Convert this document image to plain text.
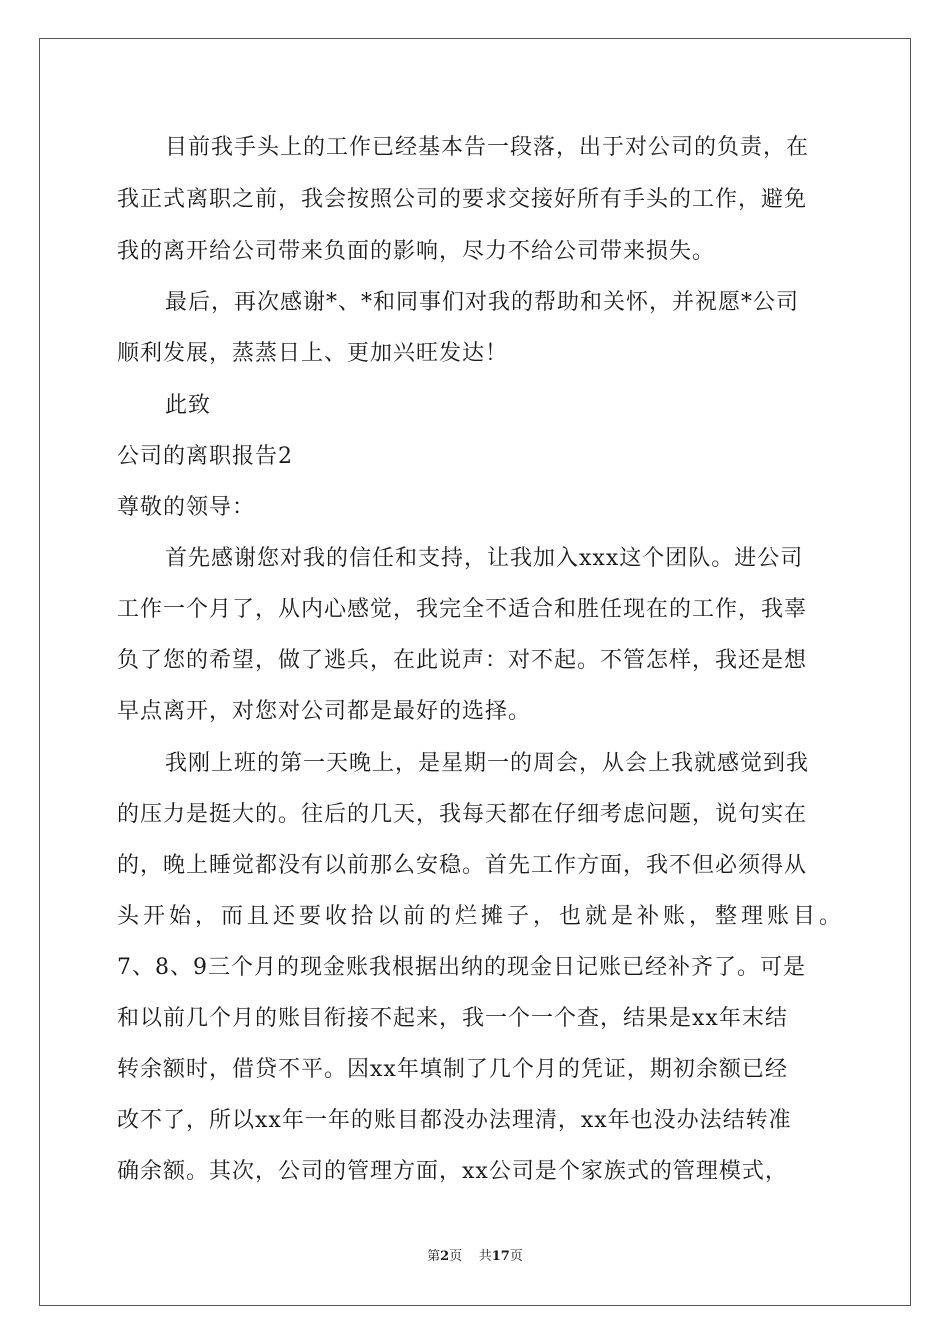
目前我手头上的工作已经基本告一段落，出于对公司的负责，在
我正式离职之前，我会按照公司的要求交接好所有手头的工作，避免
我的离开给公司带来负面的影响，尽力不给公司带来损失。
最后，再次感谢*、*和同事们对我的帮助和关怀，并祝愿*公司
顺利发展，蒸蒸日上、更加兴旺发达！
此致
公司的离职报告2
尊敬的领导：
首先感谢您对我的信任和支持，让我加入xxx这个团队。进公司
工作一个月了，从内心感觉，我完全不适合和胜任现在的工作，我辜
负了您的希望，做了逃兵，在此说声：对不起。不管怎样，我还是想
早点离开，对您对公司都是最好的选择。
我刚上班的第一天晚上，是星期一的周会，从会上我就感觉到我
的压力是挺大的。往后的几天，我每天都在仔细考虑问题，说句实在
的，晚上睡觉都没有以前那么安稳。首先工作方面，我不但必须得从
头开始，而且还要收拾以前的烂摊子，也就是补账，整理账目。
7、8、9三个月的现金账我根据出纳的现金日记账已经补齐了。可是
和以前几个月的账目衔接不起来，我一个一个查，结果是xx年末结
转余额时，借贷不平。因xx年填制了几个月的凭证，期初余额已经
改不了，所以xx年一年的账目都没办法理清，xx年也没办法结转准
确余额。其次，公司的管理方面，xx公司是个家族式的管理模式，
第2页 共17页
